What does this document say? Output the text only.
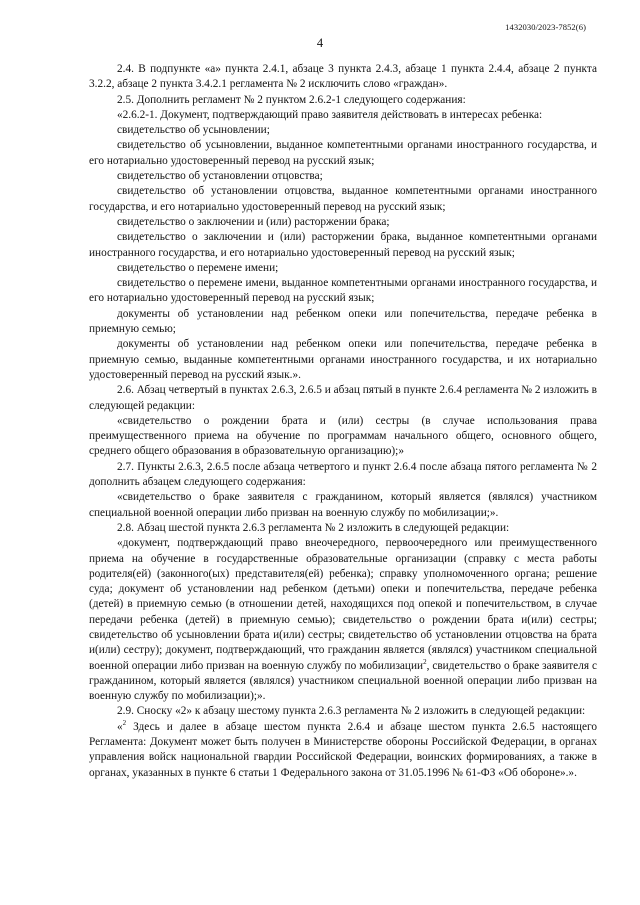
1432030/2023-7852(6)
4

2.4. В подпункте «а» пункта 2.4.1, абзаце 3 пункта 2.4.3, абзаце 1 пункта 2.4.4, абзаце 2 пункта 3.2.2, абзаце 2 пункта 3.4.2.1 регламента № 2 исключить слово «граждан».

2.5. Дополнить регламент № 2 пунктом 2.6.2-1 следующего содержания:

«2.6.2-1. Документ, подтверждающий право заявителя действовать в интересах ребенка:

свидетельство об усыновлении;

свидетельство об усыновлении, выданное компетентными органами иностранного государства, и его нотариально удостоверенный перевод на русский язык;

свидетельство об установлении отцовства;

свидетельство об установлении отцовства, выданное компетентными органами иностранного государства, и его нотариально удостоверенный перевод на русский язык;

свидетельство о заключении и (или) расторжении брака;

свидетельство о заключении и (или) расторжении брака, выданное компетентными органами иностранного государства, и его нотариально удостоверенный перевод на русский язык;

свидетельство о перемене имени;

свидетельство о перемене имени, выданное компетентными органами иностранного государства, и его нотариально удостоверенный перевод на русский язык;

документы об установлении над ребенком опеки или попечительства, передаче ребенка в приемную семью;

документы об установлении над ребенком опеки или попечительства, передаче ребенка в приемную семью, выданные компетентными органами иностранного государства, и их нотариально удостоверенный перевод на русский язык.».

2.6. Абзац четвертый в пунктах 2.6.3, 2.6.5 и абзац пятый в пункте 2.6.4 регламента № 2 изложить в следующей редакции:

«свидетельство о рождении брата и (или) сестры (в случае использования права преимущественного приема на обучение по программам начального общего, основного общего, среднего общего образования в образовательную организацию);»

2.7. Пункты 2.6.3, 2.6.5 после абзаца четвертого и пункт 2.6.4 после абзаца пятого регламента № 2 дополнить абзацем следующего содержания:

«свидетельство о браке заявителя с гражданином, который является (являлся) участником специальной военной операции либо призван на военную службу по мобилизации;».

2.8. Абзац шестой пункта 2.6.3 регламента № 2 изложить в следующей редакции:

«документ, подтверждающий право внеочередного, первоочередного или преимущественного приема на обучение в государственные образовательные организации (справку с места работы родителя(ей) (законного(ых) представителя(ей) ребенка); справку уполномоченного органа; решение суда; документ об установлении над ребенком (детьми) опеки и попечительства, передаче ребенка (детей) в приемную семью (в отношении детей, находящихся под опекой и попечительством, в случае передачи ребенка (детей) в приемную семью); свидетельство о рождении брата и(или) сестры; свидетельство об усыновлении брата и(или) сестры; свидетельство об установлении отцовства на брата и(или) сестру); документ, подтверждающий, что гражданин является (являлся) участником специальной военной операции либо призван на военную службу по мобилизации$^2$, свидетельство о браке заявителя с гражданином, который является (являлся) участником специальной военной операции либо призван на военную службу по мобилизации);».

2.9. Сноску «2» к абзацу шестому пункта 2.6.3 регламента № 2 изложить в следующей редакции:

«$^2$ Здесь и далее в абзаце шестом пункта 2.6.4 и абзаце шестом пункта 2.6.5 настоящего Регламента: Документ может быть получен в Министерстве обороны Российской Федерации, в органах управления войск национальной гвардии Российской Федерации, воинских формированиях, а также в органах, указанных в пункте 6 статьи 1 Федерального закона от 31.05.1996 № 61-ФЗ «Об обороне».».
